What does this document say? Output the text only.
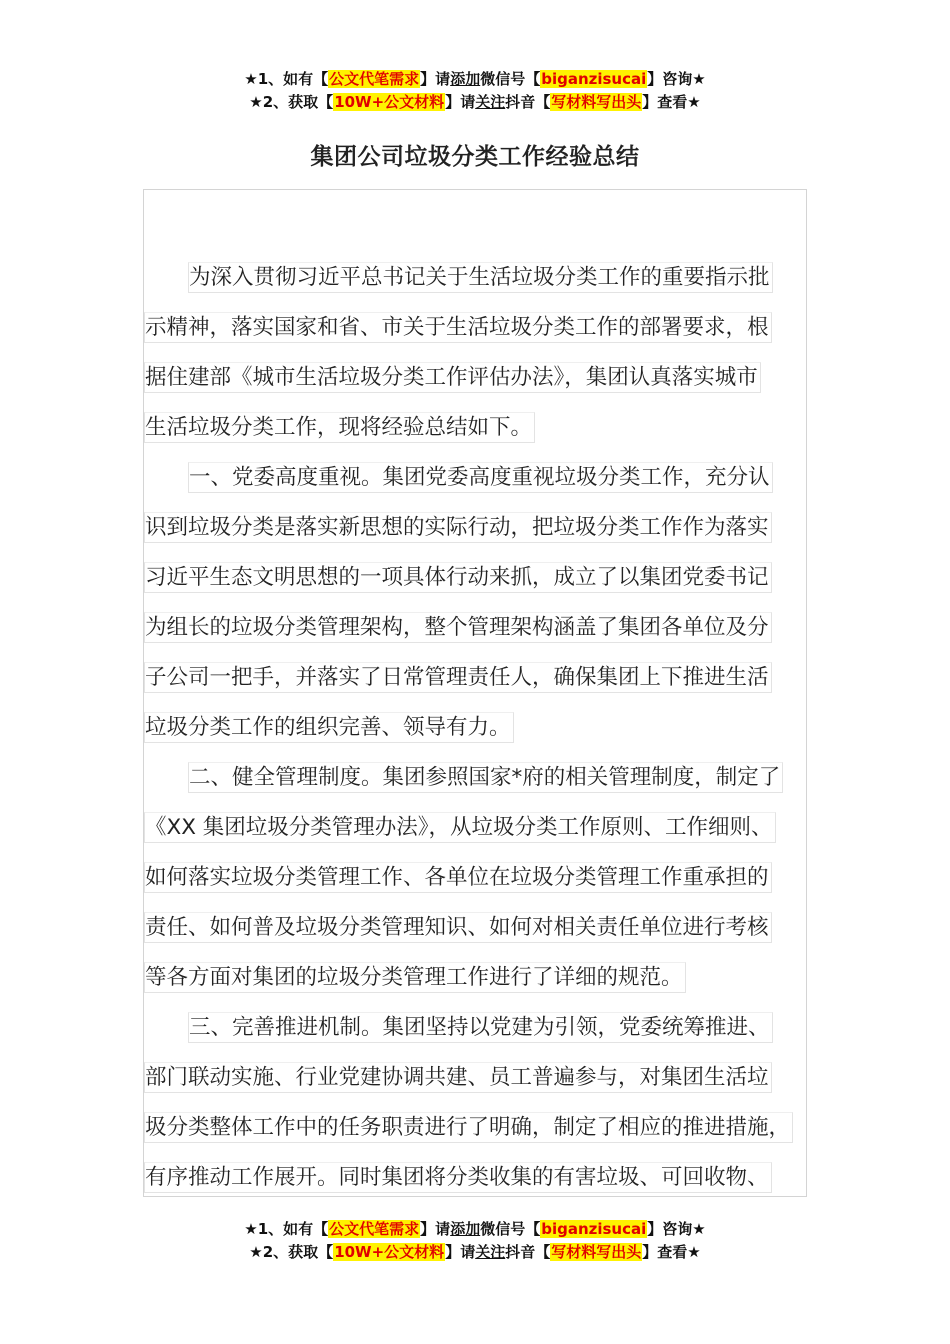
★1、如有【公文代笔需求】请添加微信号【biganzisucai】咨询★
★2、获取【10W+公文材料】请关注抖音【写材料写出头】查看★
集团公司垃圾分类工作经验总结
为深入贯彻习近平总书记关于生活垃圾分类工作的重要指示批
示精神，落实国家和省、市关于生活垃圾分类工作的部署要求，根
据住建部《城市生活垃圾分类工作评估办法》，集团认真落实城市
生活垃圾分类工作，现将经验总结如下。
一、党委高度重视。集团党委高度重视垃圾分类工作，充分认
识到垃圾分类是落实新思想的实际行动，把垃圾分类工作作为落实
习近平生态文明思想的一项具体行动来抓，成立了以集团党委书记
为组长的垃圾分类管理架构，整个管理架构涵盖了集团各单位及分
子公司一把手，并落实了日常管理责任人，确保集团上下推进生活
垃圾分类工作的组织完善、领导有力。
二、健全管理制度。集团参照国家*府的相关管理制度，制定了
《XX 集团垃圾分类管理办法》，从垃圾分类工作原则、工作细则、
如何落实垃圾分类管理工作、各单位在垃圾分类管理工作重承担的
责任、如何普及垃圾分类管理知识、如何对相关责任单位进行考核
等各方面对集团的垃圾分类管理工作进行了详细的规范。
三、完善推进机制。集团坚持以党建为引领，党委统筹推进、
部门联动实施、行业党建协调共建、员工普遍参与，对集团生活垃
圾分类整体工作中的任务职责进行了明确，制定了相应的推进措施，
有序推动工作展开。同时集团将分类收集的有害垃圾、可回收物、
★1、如有【公文代笔需求】请添加微信号【biganzisucai】咨询★
★2、获取【10W+公文材料】请关注抖音【写材料写出头】查看★
